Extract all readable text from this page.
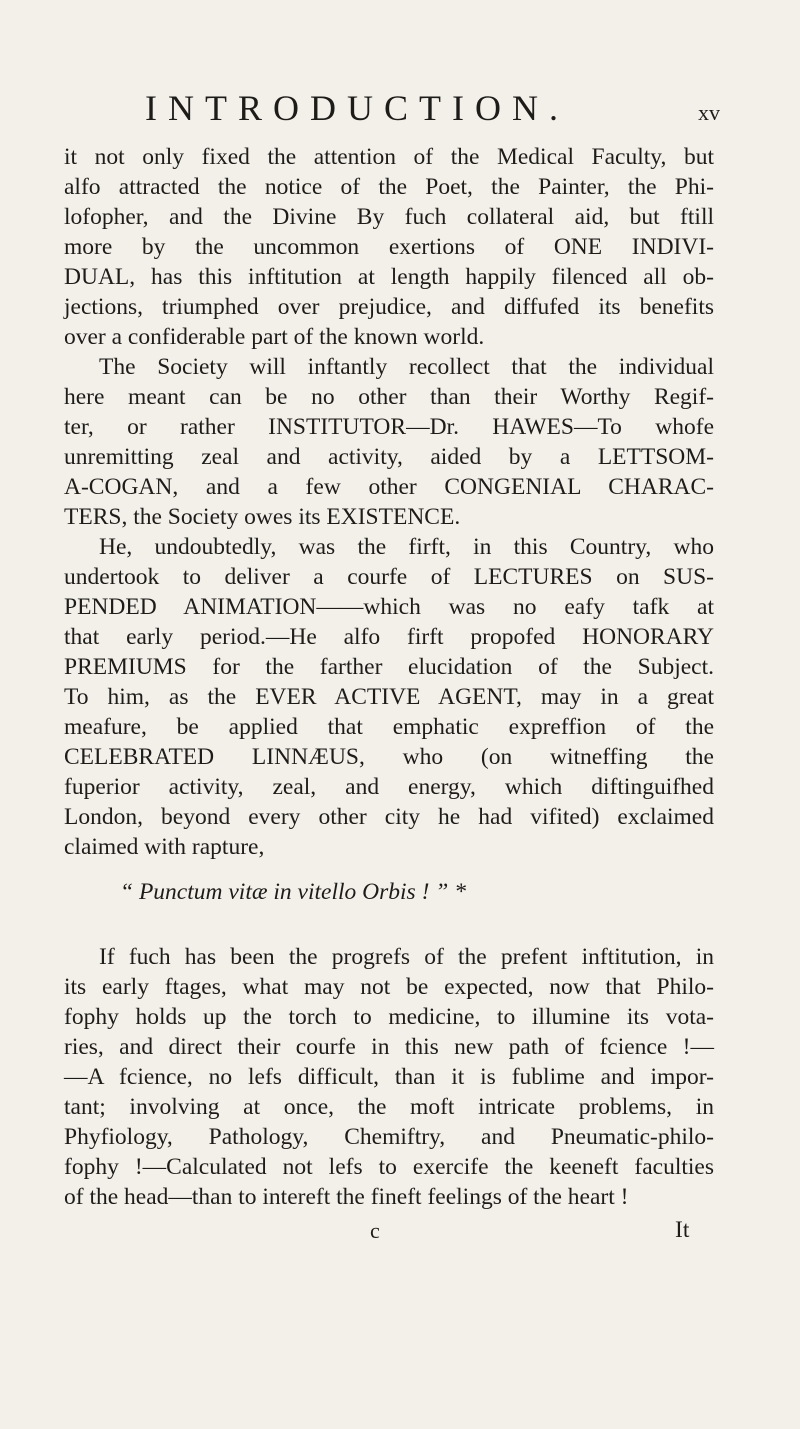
INTRODUCTION.	xv
it not only fixed the attention of the Medical Faculty, but
alfo attracted the notice of the Poet, the Painter, the Phi-
lofopher, and the Divine By fuch collateral aid, but ftill
more by the uncommon exertions of ONE INDIVI-
DUAL, has this inftitution at length happily filenced all ob-
jections, triumphed over prejudice, and diffufed its benefits
over a confiderable part of the known world.
The Society will inftantly recollect that the individual
here meant can be no other than their Worthy Regif-
ter, or rather INSTITUTOR—Dr. HAWES—To whofe
unremitting zeal and activity, aided by a LETTSOM-
A-COGAN, and a few other CONGENIAL CHARAC-
TERS, the Society owes its EXISTENCE.
He, undoubtedly, was the firft, in this Country, who
undertook to deliver a courfe of LECTURES on SUS-
PENDED ANIMATION——which was no eafy tafk at
that early period.—He alfo firft propofed HONORARY
PREMIUMS for the farther elucidation of the Subject.
To him, as the EVER ACTIVE AGENT, may in a great
meafure, be applied that emphatic expreffion of the
CELEBRATED LINNÆUS, who (on witneffing the
fuperior activity, zeal, and energy, which diftinguifhed
London, beyond every other city he had vifited) exclaimed
claimed with rapture,
If fuch has been the progrefs of the prefent inftitution, in
its early ftages, what may not be expected, now that Philo-
fophy holds up the torch to medicine, to illumine its vota-
ries, and direct their courfe in this new path of fcience !—
—A fcience, no lefs difficult, than it is fublime and impor-
tant; involving at once, the moft intricate problems, in
Phyfiology, Pathology, Chemiftry, and Pneumatic-philo-
fophy !—Calculated not lefs to exercife the keeneft faculties
of the head—than to intereft the fineft feelings of the heart !
“ Punctum vitæ in vitello Orbis ! ” *
c	It
